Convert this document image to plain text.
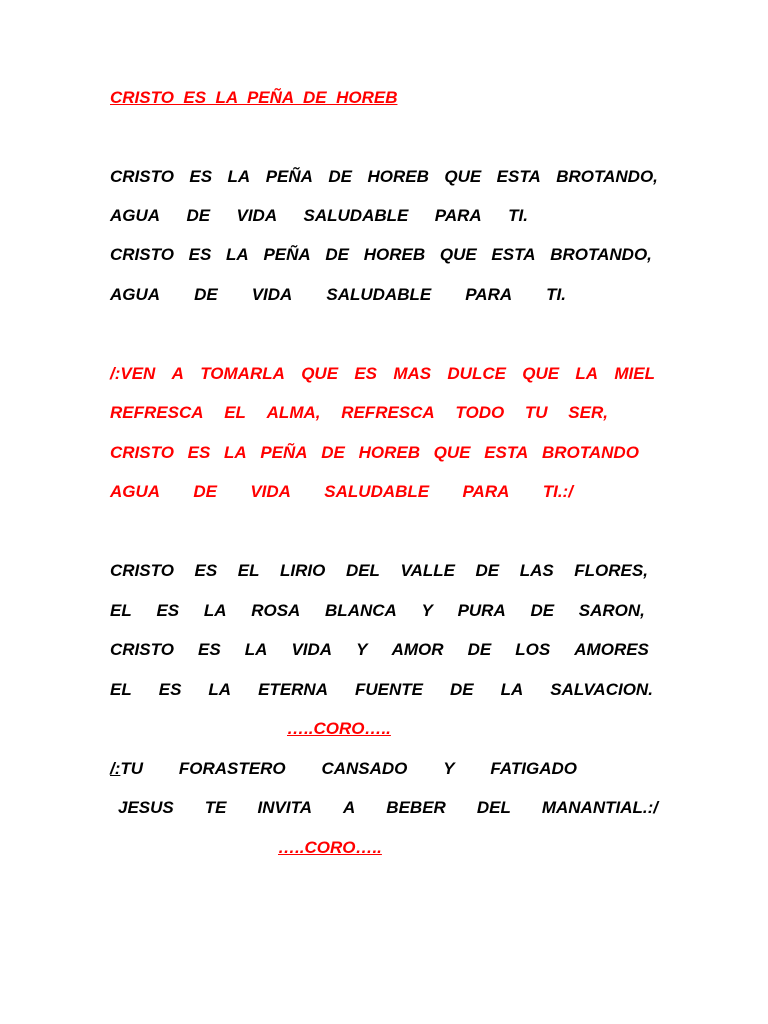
CRISTO  ES  LA  PEÑA  DE  HOREB
CRISTO ES LA PEÑA DE HOREB QUE ESTA BROTANDO,
AGUA DE VIDA SALUDABLE PARA TI.
CRISTO ES LA PEÑA DE HOREB QUE ESTA BROTANDO,
AGUA DE VIDA SALUDABLE PARA TI.
/:VEN A TOMARLA QUE ES MAS DULCE QUE LA MIEL
REFRESCA EL ALMA, REFRESCA TODO TU SER,
CRISTO ES LA PEÑA DE HOREB QUE ESTA BROTANDO
AGUA DE VIDA SALUDABLE PARA TI.:/
CRISTO ES EL LIRIO DEL VALLE DE LAS FLORES,
EL ES LA ROSA BLANCA Y PURA DE SARON,
CRISTO ES LA VIDA Y AMOR DE LOS AMORES
EL ES LA ETERNA FUENTE DE LA SALVACION.
…..CORO…..
/:TU FORASTERO CANSADO Y FATIGADO
JESUS TE INVITA A BEBER DEL MANANTIAL.:/
…..CORO…..
